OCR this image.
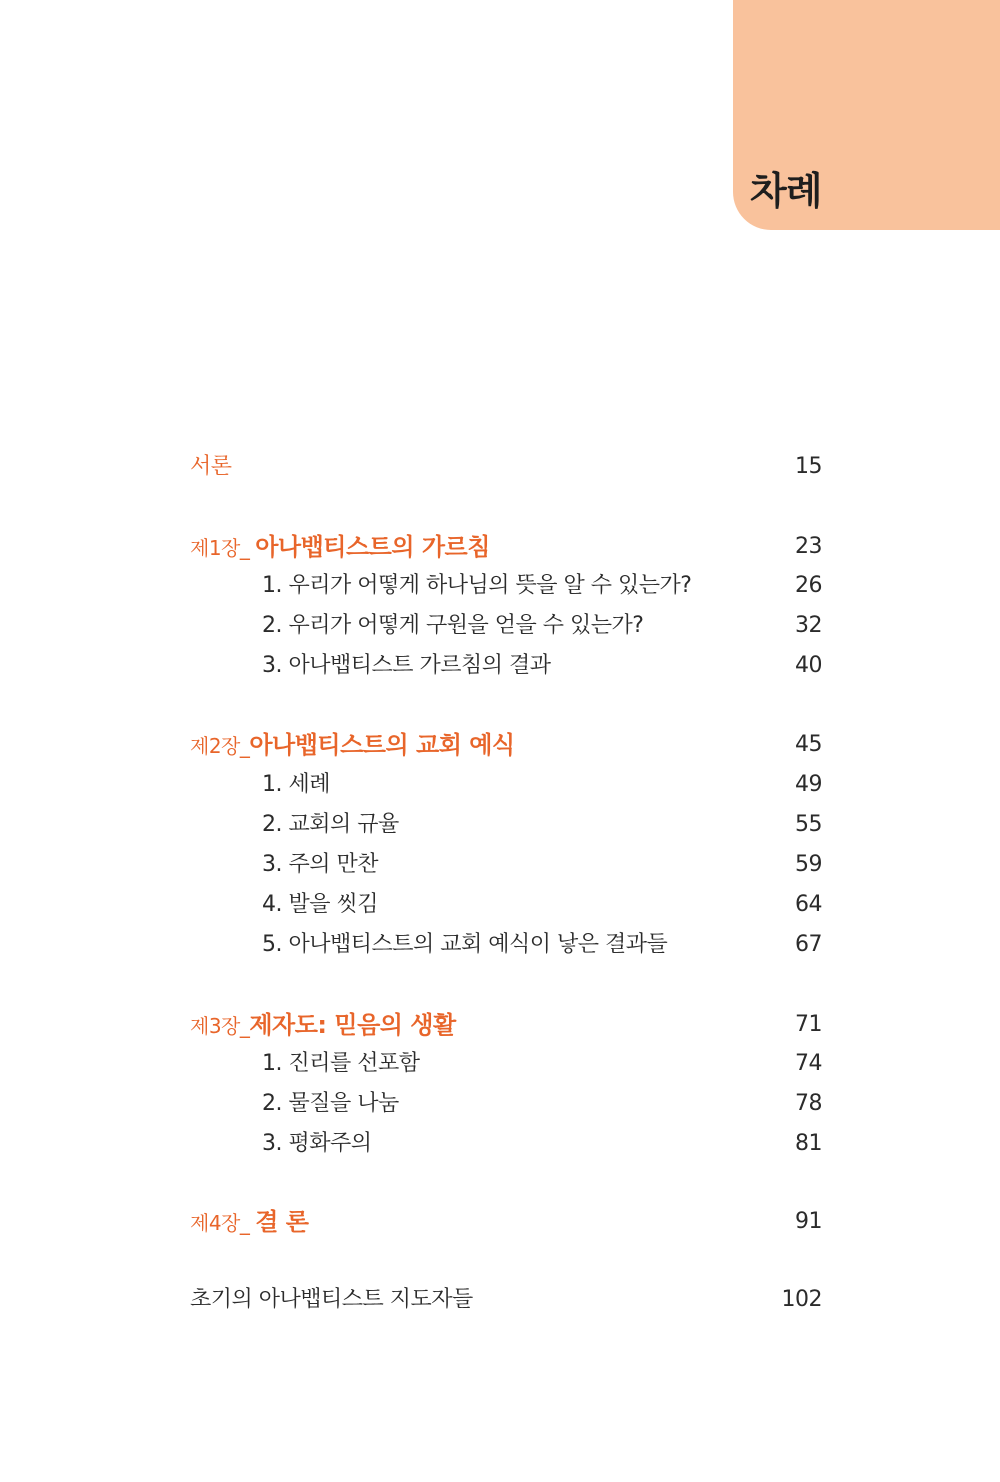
차례
서론	15
제1장_ 아나뱁티스트의 가르침	23
1. 우리가 어떻게 하나님의 뜻을 알 수 있는가?	26
2. 우리가 어떻게 구원을 얻을 수 있는가?	32
3. 아나뱁티스트 가르침의 결과	40
제2장_아나뱁티스트의 교회 예식	45
1. 세례	49
2. 교회의 규율	55
3. 주의 만찬	59
4. 발을 씻김	64
5. 아나뱁티스트의 교회 예식이 낳은 결과들	67
제3장_제자도: 믿음의 생활	71
1. 진리를 선포함	74
2. 물질을 나눔	78
3. 평화주의	81
제4장_ 결 론	91
초기의 아나뱁티스트 지도자들	102
